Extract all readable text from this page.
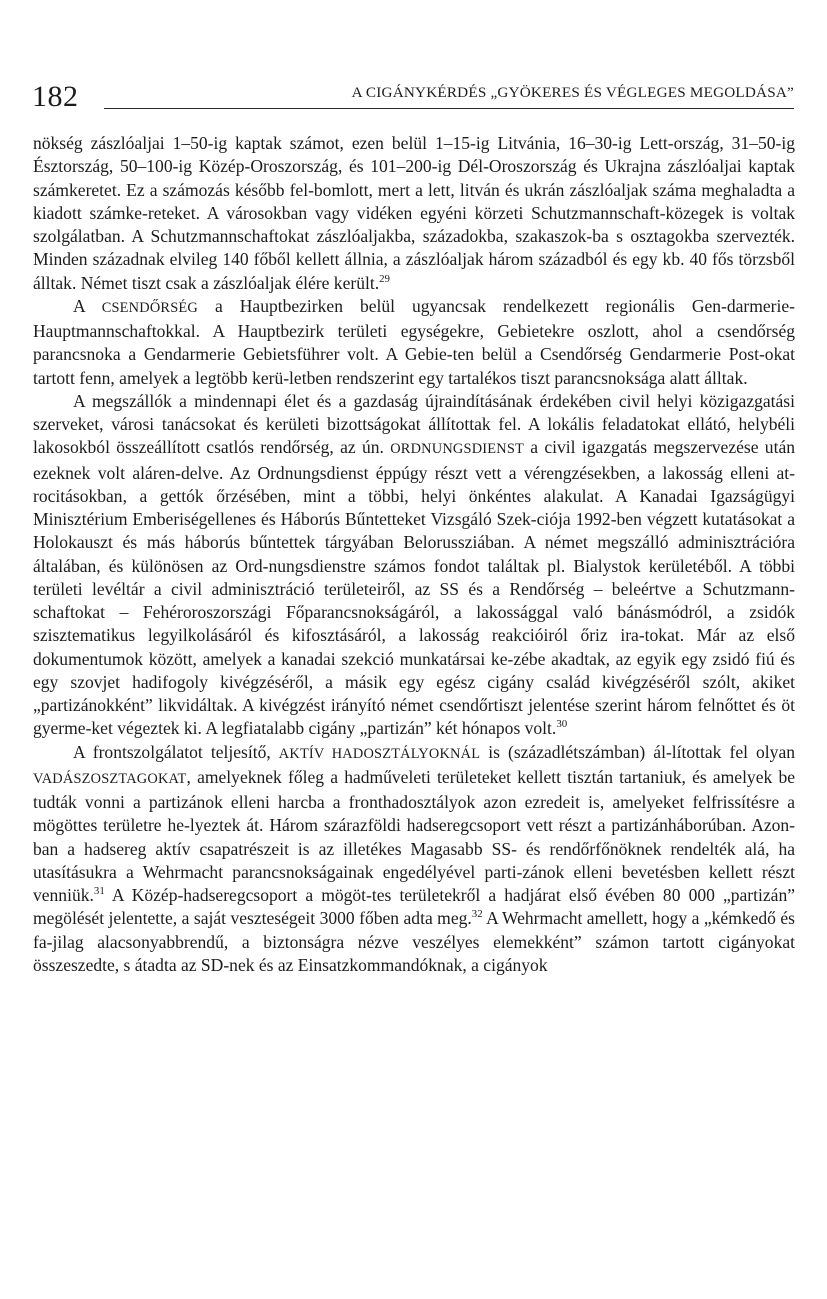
182	A CIGÁNYKÉRDÉS „GYÖKERES ÉS VÉGLEGES MEGOLDÁSA”

nökség zászlóaljai 1–50-ig kaptak számot, ezen belül 1–15-ig Litvánia, 16–30-ig Lett-ország, 31–50-ig Észtország, 50–100-ig Közép-Oroszország, és 101–200-ig Dél-Oroszország és Ukrajna zászlóaljai kaptak számkeretet. Ez a számozás később fel-bomlott, mert a lett, litván és ukrán zászlóaljak száma meghaladta a kiadott számke-reteket. A városokban vagy vidéken egyéni körzeti Schutzmannschaft-közegek is voltak szolgálatban. A Schutzmannschaftokat zászlóaljakba, századokba, szakaszok-ba s osztagokba szervezték. Minden századnak elvileg 140 főből kellett állnia, a zászlóaljak három századból és egy kb. 40 fős törzsből álltak. Német tiszt csak a zászlóaljak élére került.$^{29}$

A CSENDŐRSÉG a Hauptbezirken belül ugyancsak rendelkezett regionális Gen-darmerie-Hauptmannschaftokkal. A Hauptbezirk területi egységekre, Gebietekre oszlott, ahol a csendőrség parancsnoka a Gendarmerie Gebietsführer volt. A Gebie-ten belül a Csendőrség Gendarmerie Post-okat tartott fenn, amelyek a legtöbb kerü-letben rendszerint egy tartalékos tiszt parancsnoksága alatt álltak.

A megszállók a mindennapi élet és a gazdaság újraindításának érdekében civil helyi közigazgatási szerveket, városi tanácsokat és kerületi bizottságokat állítottak fel. A lokális feladatokat ellátó, helybéli lakosokból összeállított csatlós rendőrség, az ún. ORDNUNGSDIENST a civil igazgatás megszervezése után ezeknek volt aláren-delve. Az Ordnungsdienst éppúgy részt vett a vérengzésekben, a lakosság elleni at-rocitásokban, a gettók őrzésében, mint a többi, helyi önkéntes alakulat. A Kanadai Igazságügyi Minisztérium Emberiségellenes és Háborús Bűntetteket Vizsgáló Szek-ciója 1992-ben végzett kutatásokat a Holokauszt és más háborús bűntettek tárgyában Belorussziában. A német megszálló adminisztrációra általában, és különösen az Ord-nungsdienstre számos fondot találtak pl. Bialystok kerületéből. A többi területi levéltár a civil adminisztráció területeiről, az SS és a Rendőrség – beleértve a Schutzmann-schaftokat – Fehéroroszországi Főparancsnokságáról, a lakossággal való bánásmódról, a zsidók szisztematikus legyilkolásáról és kifosztásáról, a lakosság reakcióiról őriz ira-tokat. Már az első dokumentumok között, amelyek a kanadai szekció munkatársai ke-zébe akadtak, az egyik egy zsidó fiú és egy szovjet hadifogoly kivégzéséről, a másik egy egész cigány család kivégzéséről szólt, akiket „partizánokként” likvidáltak. A kivégzést irányító német csendőrtiszt jelentése szerint három felnőttet és öt gyerme-ket végeztek ki. A legfiatalabb cigány „partizán” két hónapos volt.$^{30}$

A frontszolgálatot teljesítő, AKTÍV HADOSZTÁLYOKNÁL is (századlétszámban) ál-lítottak fel olyan VADÁSZOSZTAGOKAT, amelyeknek főleg a hadműveleti területeket kellett tisztán tartaniuk, és amelyek be tudták vonni a partizánok elleni harcba a fronthadosztályok azon ezredeit is, amelyeket felfrissítésre a mögöttes területre he-lyeztek át. Három szárazföldi hadseregcsoport vett részt a partizánháborúban. Azon-ban a hadsereg aktív csapatrészeit is az illetékes Magasabb SS- és rendőrfőnöknek rendelték alá, ha utasításukra a Wehrmacht parancsnokságainak engedélyével parti-zánok elleni bevetésben kellett részt venniük.$^{31}$ A Közép-hadseregcsoport a mögöt-tes területekről a hadjárat első évében 80 000 „partizán” megölését jelentette, a saját veszteségeit 3000 főben adta meg.$^{32}$ A Wehrmacht amellett, hogy a „kémkedő és fa-jilag alacsonyabbrendű, a biztonságra nézve veszélyes elemekként” számon tartott cigányokat összeszedte, s átadta az SD-nek és az Einsatzkommandóknak, a cigányok
